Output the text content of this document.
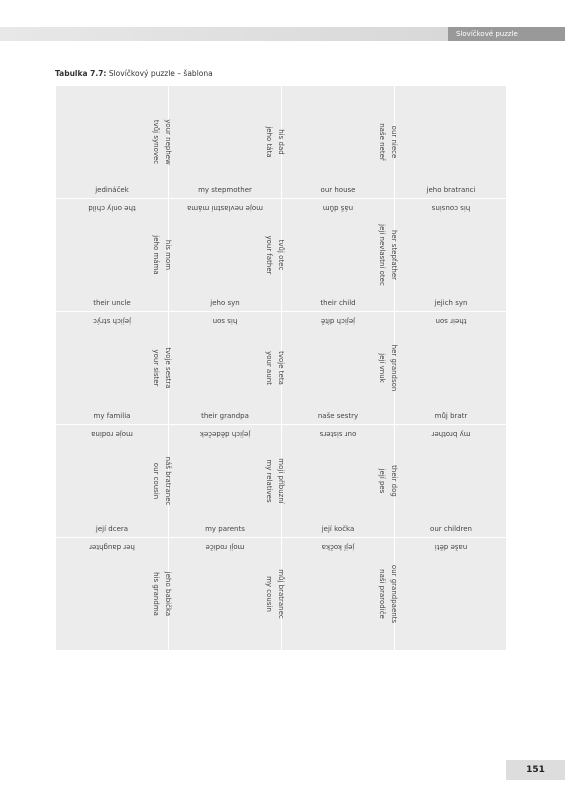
Slovíčkové puzzle
Tabulka 7.7: Slovíčkový puzzle – šablona
jedináček
tvůj synovec your nephew
my stepmother
jeho táta his dad
our house
naše neteř our niece
jeho bratranci
the only child
their uncle
jeho máma his mom
moje nevlastní máma
jeho syn
your father tvůj otec
náš dům
their child
její nevlastní otec her stepfather
his cousins
jejich syn
jejich strýc
my familia
your sister tvoje sestra
his son
their grandpa
your aunt tvoje teta
jejich dítě
naše sestry
její vnuk her grandson
their son
můj bratr
moje rodina
její dcera
our cousin náš bratranec
jejich dědeček
my parents
my relatives moji příbuzní
our sisters
její kočka
její pes their dog
my brother
our children
her daughter
his grandma jeho babička
moji rodiče
my cousin můj bratranec
její kočka
naši prarodiče our grandpaents
naše děti
151
